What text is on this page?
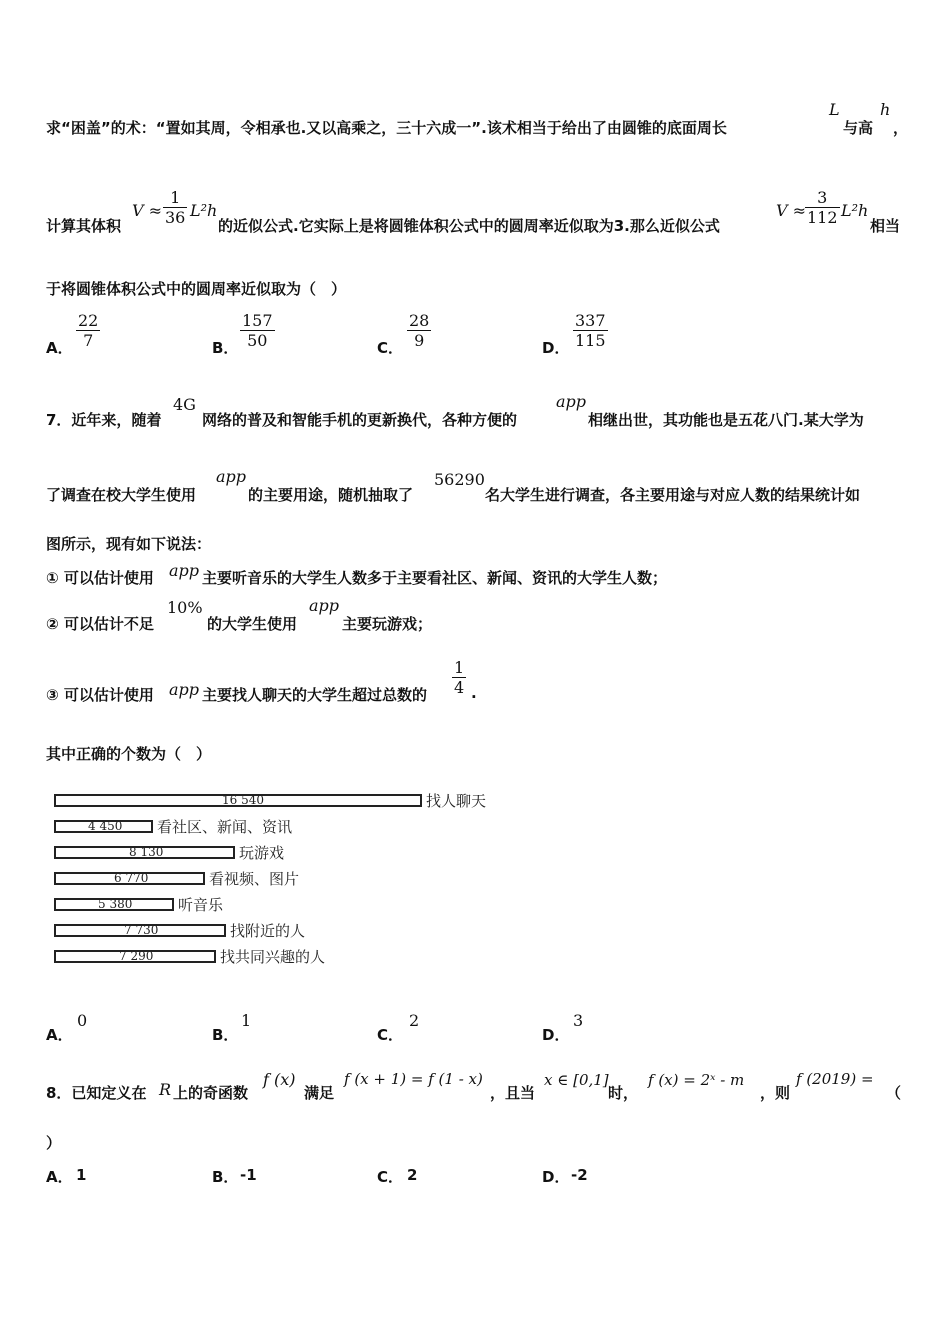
求“困盖”的术：“置如其周，令相承也.又以高乘之，三十六成一”.该术相当于给出了由圆锥的底面周长
L
与高
h
，
计算其体积
V ≈
1
36 L²h
的近似公式.它实际上是将圆锥体积公式中的圆周率近似取为3.那么近似公式
V ≈
3
112 L²h
相当
于将圆锥体积公式中的圆周率近似取为（　）
A．
22
7	B．
157
50	C．
28
9	D．
337
115
7．近年来，随着
4G
网络的普及和智能手机的更新换代，各种方便的
app
相继出世，其功能也是五花八门.某大学为
了调查在校大学生使用
app
的主要用途，随机抽取了
56290
名大学生进行调查，各主要用途与对应人数的结果统计如
图所示，现有如下说法：
① 可以估计使用 app 主要听音乐的大学生人数多于主要看社区、新闻、资讯的大学生人数；
② 可以估计不足
10%
的大学生使用
app
主要玩游戏；
③ 可以估计使用 app 主要找人聊天的大学生超过总数的
1
4 .
其中正确的个数为（　）
16 540	找人聊天
4 450 看社区、新闻、资讯
8 130	玩游戏
6 770	看视频、图片
5 380	听音乐
7 730	找附近的人
7 290	找共同兴趣的人
A．
0
B．
1
C．
2
D．
3
8．已知定义在 R 上的奇函数
f (x)
满足
f (x + 1) = f (1 - x)
，且当
x ∈ [0,1]
时，
f (x) = 2ˣ - m
，则
f (2019) =
（
）
A． 1	B． -1	C． 2	D． -2
